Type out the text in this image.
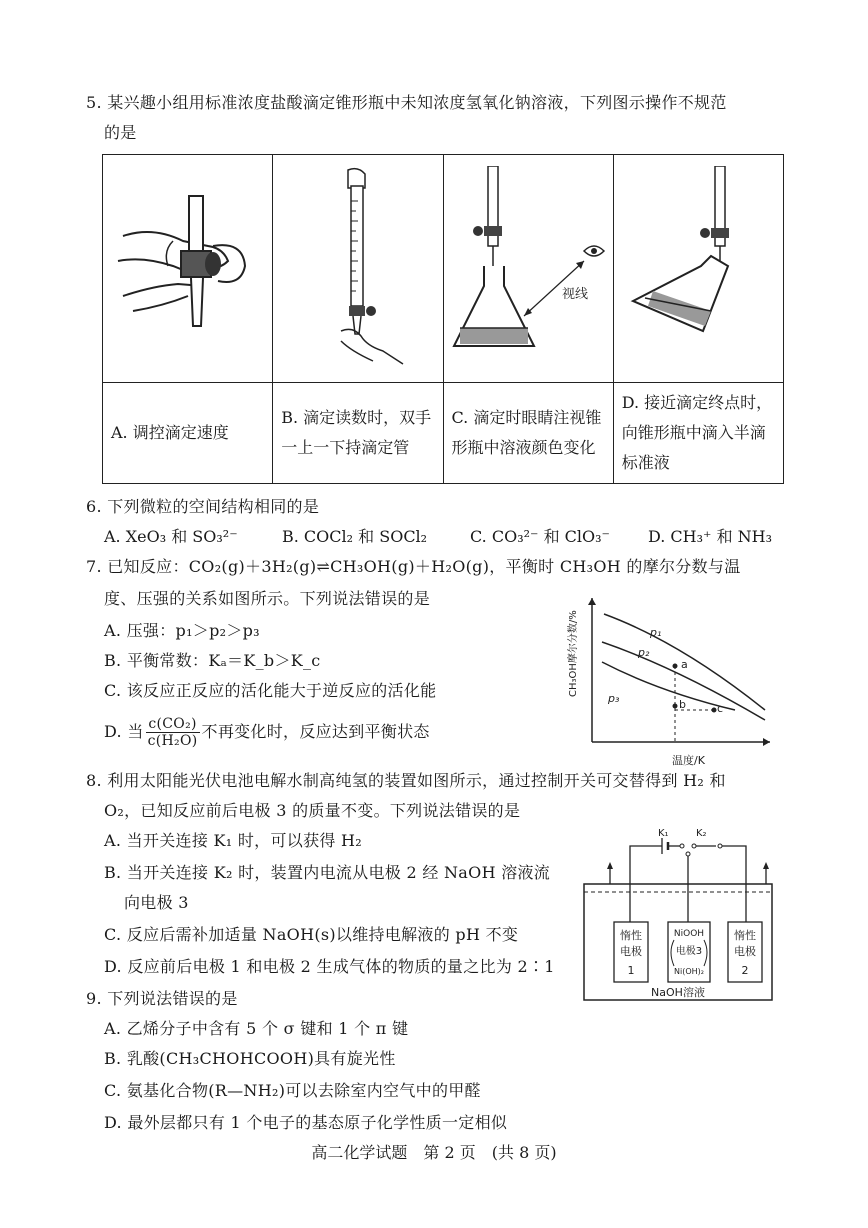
5. 某兴趣小组用标准浓度盐酸滴定锥形瓶中未知浓度氢氧化钠溶液，下列图示操作不规范
的是

视线

A. 调控滴定速度	B. 滴定读数时，双手一上一下持滴定管	C. 滴定时眼睛注视锥形瓶中溶液颜色变化	D. 接近滴定终点时，向锥形瓶中滴入半滴标准液
6. 下列微粒的空间结构相同的是
A. XeO₃ 和 SO₃²⁻	B. COCl₂ 和 SOCl₂	C. CO₃²⁻ 和 ClO₃⁻ D. CH₃⁺ 和 NH₃
7. 已知反应：CO₂(g)＋3H₂(g)⇌CH₃OH(g)＋H₂O(g)，平衡时 CH₃OH 的摩尔分数与温
度、压强的关系如图所示。下列说法错误的是
A. 压强：p₁＞p₂＞p₃
B. 平衡常数：Kₐ＝K_b＞K_c
C. 该反应正反应的活化能大于逆反应的活化能
D. 当 $\frac{\text{c(CO₂)}}{\text{c(H₂O)}}$ 不再变化时，反应达到平衡状态
CH₃OH摩尔分数/%
温度/K
p₁
p₂
p₃
a
b	c
8. 利用太阳能光伏电池电解水制高纯氢的装置如图所示，通过控制开关可交替得到 H₂ 和
O₂，已知反应前后电极 3 的质量不变。下列说法错误的是
A. 当开关连接 K₁ 时，可以获得 H₂
B. 当开关连接 K₂ 时，装置内电流从电极 2 经 NaOH 溶液流
向电极 3
C. 反应后需补加适量 NaOH(s)以维持电解液的 pH 不变
D. 反应前后电极 1 和电极 2 生成气体的物质的量之比为 2∶1
K₁	K₂
惰性
电极
1
NiOOH
电极3
Ni(OH)₂
惰性
电极
2
NaOH溶液
9. 下列说法错误的是
A. 乙烯分子中含有 5 个 σ 键和 1 个 π 键
B. 乳酸(CH₃CHOHCOOH)具有旋光性
C. 氨基化合物(R—NH₂)可以去除室内空气中的甲醛
D. 最外层都只有 1 个电子的基态原子化学性质一定相似
高二化学试题　第 2 页　(共 8 页)
